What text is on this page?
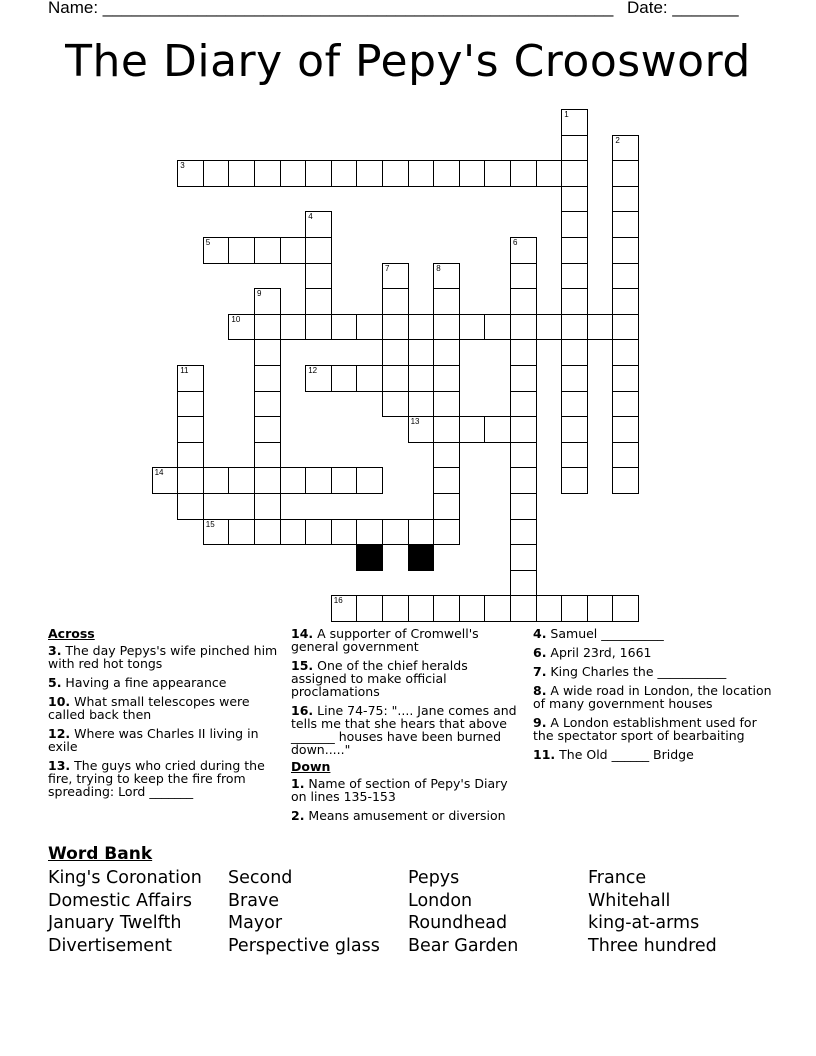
Name: ______________________________________________________ Date: _______
The Diary of Pepy's Croosword
1
2
3
4
5	6
7	8
9
10
11	12
13
14
15
16
Across
3. The day Pepys's wife pinched him with red hot tongs
5. Having a fine appearance
10. What small telescopes were called back then
12. Where was Charles II living in exile
13. The guys who cried during the fire, trying to keep the fire from spreading: Lord _______
14. A supporter of Cromwell's general government
15. One of the chief heralds assigned to make official proclamations
16. Line 74-75: ".... Jane comes and tells me that she hears that above _______ houses have been burned down....."
Down
1. Name of section of Pepy's Diary on lines 135-153
2. Means amusement or diversion
4. Samuel __________
6. April 23rd, 1661
7. King Charles the ___________
8. A wide road in London, the location of many government houses
9. A London establishment used for the spectator sport of bearbaiting
11. The Old ______ Bridge
Word Bank
King's Coronation
Domestic Affairs
January Twelfth
Divertisement
Second
Brave
Mayor
Perspective glass
Pepys
London
Roundhead
Bear Garden
France
Whitehall
king-at-arms
Three hundred
